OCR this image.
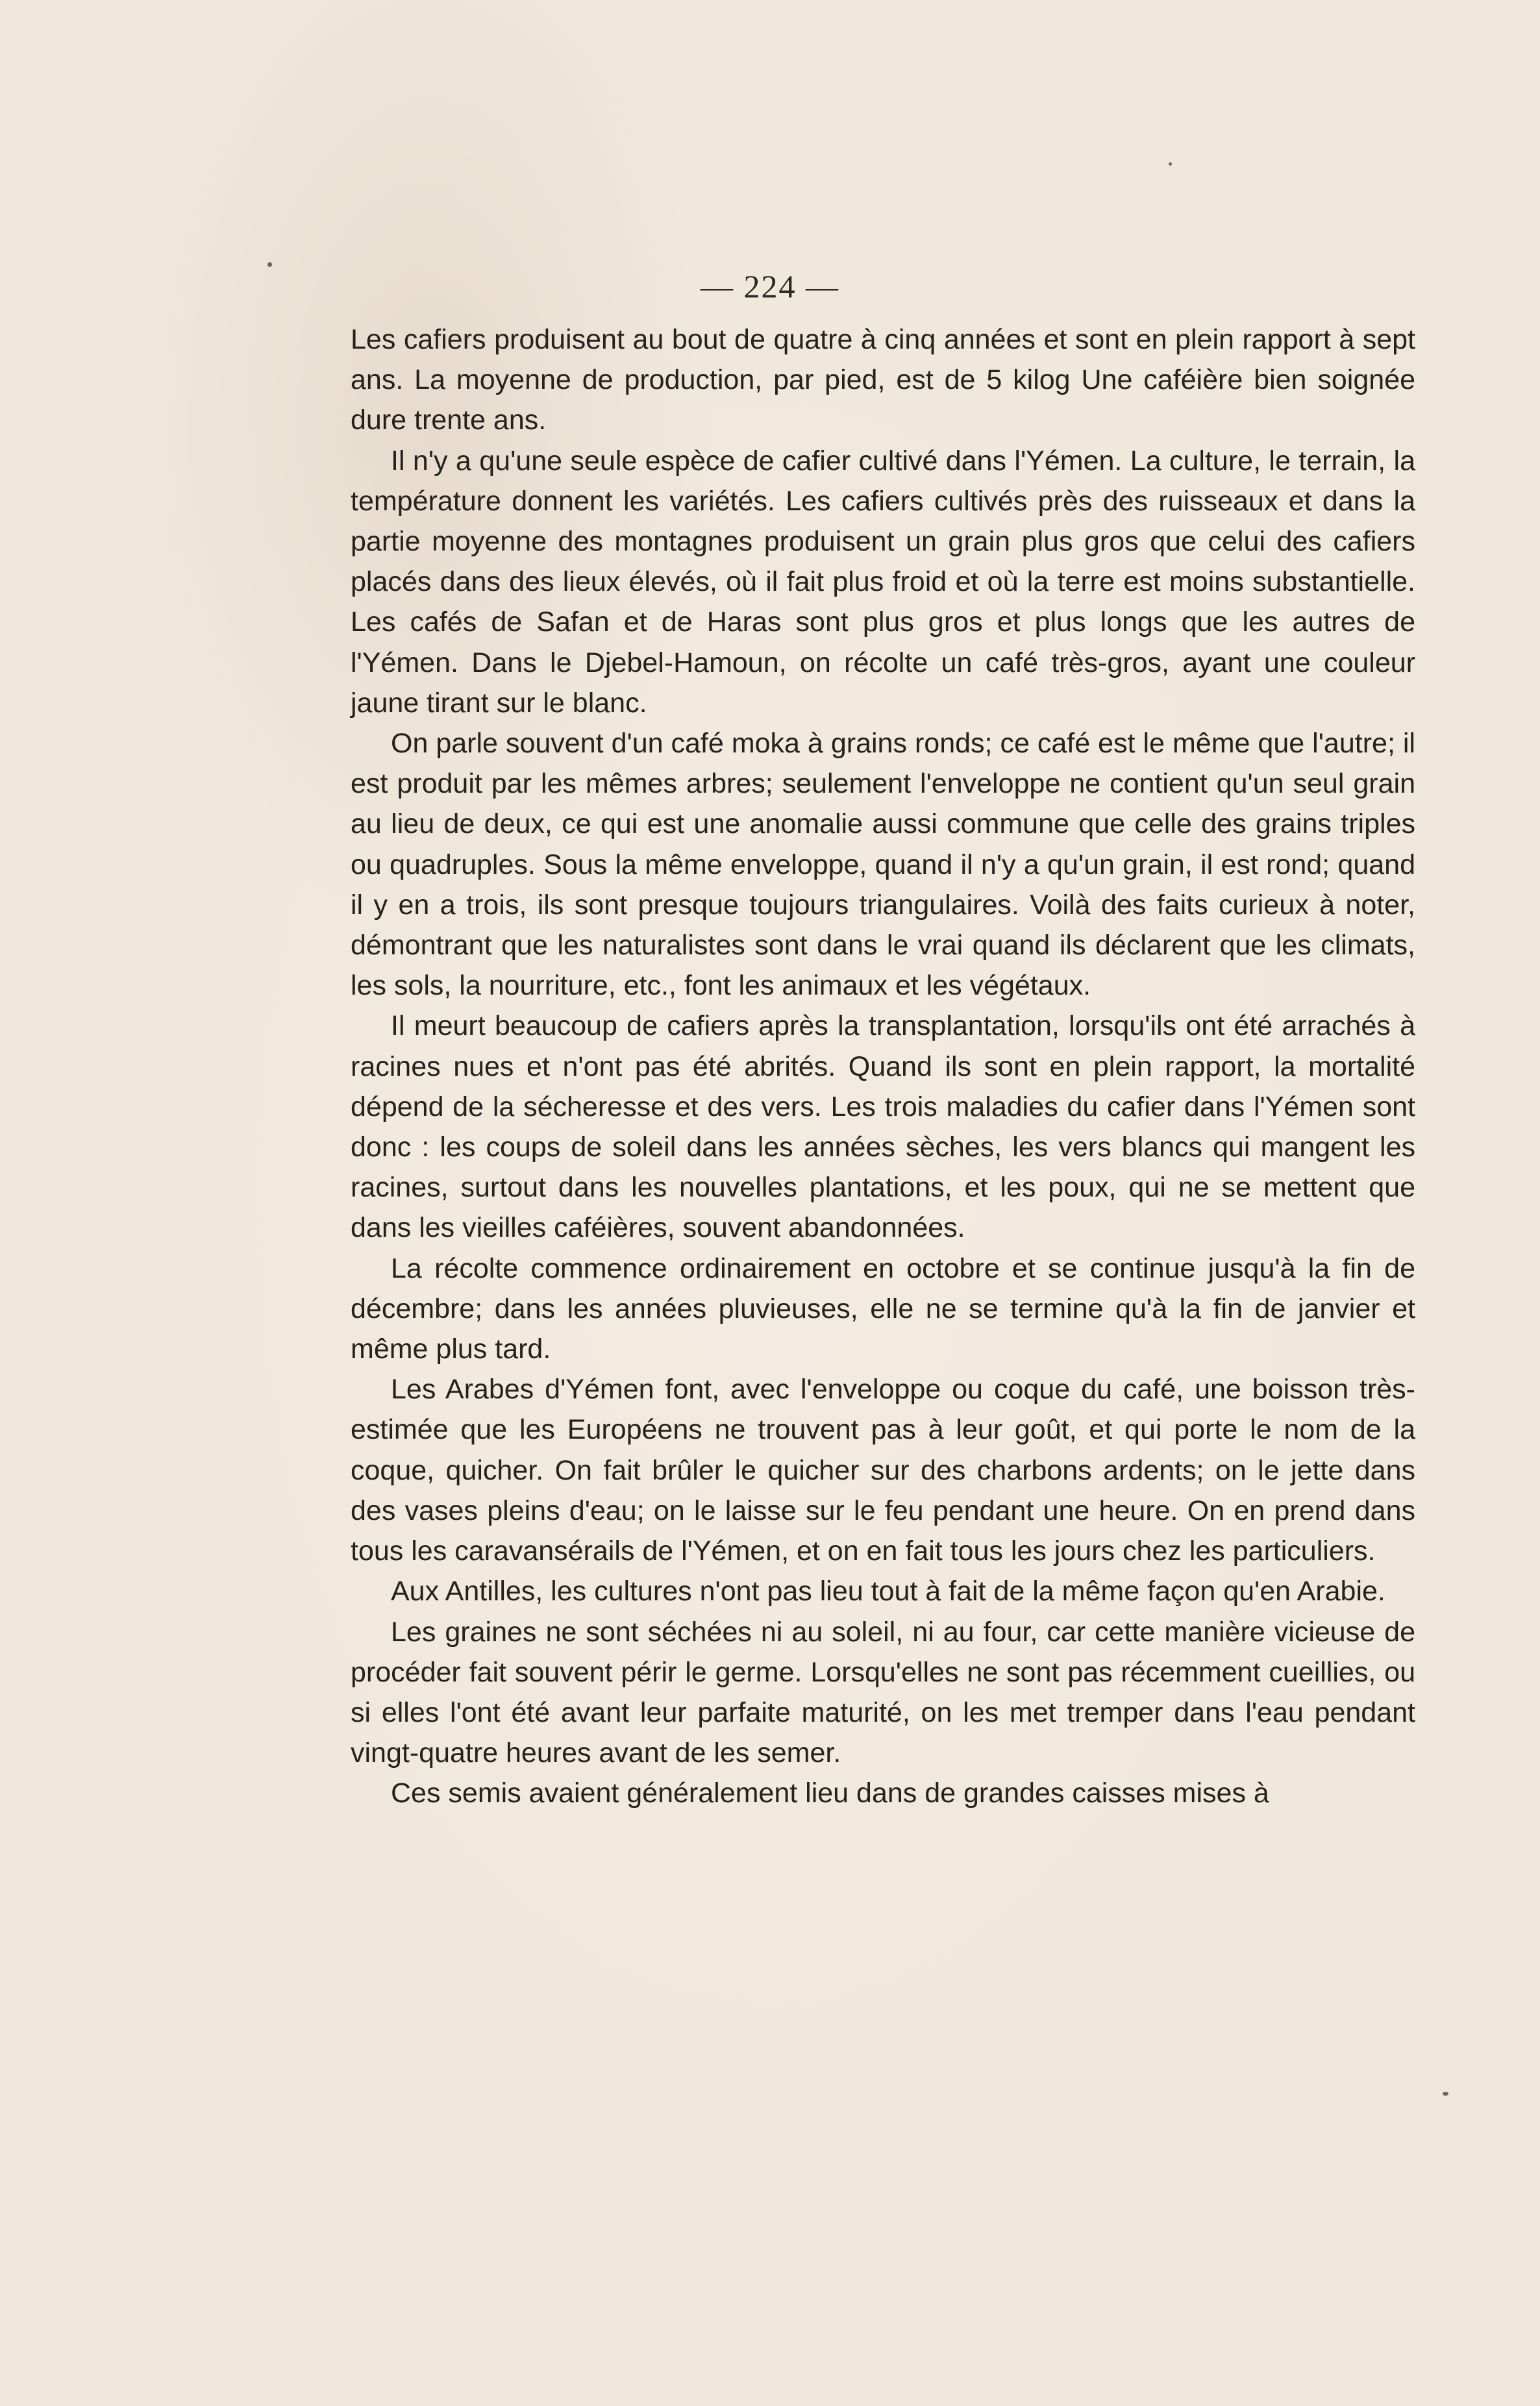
— 224 —

Les cafiers produisent au bout de quatre à cinq années et sont en plein rapport à sept ans. La moyenne de production, par pied, est de 5 kilog Une caféière bien soignée dure trente ans.

Il n'y a qu'une seule espèce de cafier cultivé dans l'Yémen. La culture, le terrain, la température donnent les variétés. Les cafiers cultivés près des ruisseaux et dans la partie moyenne des montagnes produisent un grain plus gros que celui des cafiers placés dans des lieux élevés, où il fait plus froid et où la terre est moins substantielle. Les cafés de Safan et de Haras sont plus gros et plus longs que les autres de l'Yémen. Dans le Djebel-Hamoun, on récolte un café très-gros, ayant une couleur jaune tirant sur le blanc.

On parle souvent d'un café moka à grains ronds; ce café est le même que l'autre; il est produit par les mêmes arbres; seulement l'enveloppe ne contient qu'un seul grain au lieu de deux, ce qui est une anomalie aussi commune que celle des grains triples ou quadruples. Sous la même enveloppe, quand il n'y a qu'un grain, il est rond; quand il y en a trois, ils sont presque toujours triangulaires. Voilà des faits curieux à noter, démontrant que les naturalistes sont dans le vrai quand ils déclarent que les climats, les sols, la nourriture, etc., font les animaux et les végétaux.

Il meurt beaucoup de cafiers après la transplantation, lorsqu'ils ont été arrachés à racines nues et n'ont pas été abrités. Quand ils sont en plein rapport, la mortalité dépend de la sécheresse et des vers. Les trois maladies du cafier dans l'Yémen sont donc : les coups de soleil dans les années sèches, les vers blancs qui mangent les racines, surtout dans les nouvelles plantations, et les poux, qui ne se mettent que dans les vieilles caféières, souvent abandonnées.

La récolte commence ordinairement en octobre et se continue jusqu'à la fin de décembre; dans les années pluvieuses, elle ne se termine qu'à la fin de janvier et même plus tard.

Les Arabes d'Yémen font, avec l'enveloppe ou coque du café, une boisson très-estimée que les Européens ne trouvent pas à leur goût, et qui porte le nom de la coque, quicher. On fait brûler le quicher sur des charbons ardents; on le jette dans des vases pleins d'eau; on le laisse sur le feu pendant une heure. On en prend dans tous les caravansérails de l'Yémen, et on en fait tous les jours chez les particuliers.

Aux Antilles, les cultures n'ont pas lieu tout à fait de la même façon qu'en Arabie.

Les graines ne sont séchées ni au soleil, ni au four, car cette manière vicieuse de procéder fait souvent périr le germe. Lorsqu'elles ne sont pas récemment cueillies, ou si elles l'ont été avant leur parfaite maturité, on les met tremper dans l'eau pendant vingt-quatre heures avant de les semer.

Ces semis avaient généralement lieu dans de grandes caisses mises à
